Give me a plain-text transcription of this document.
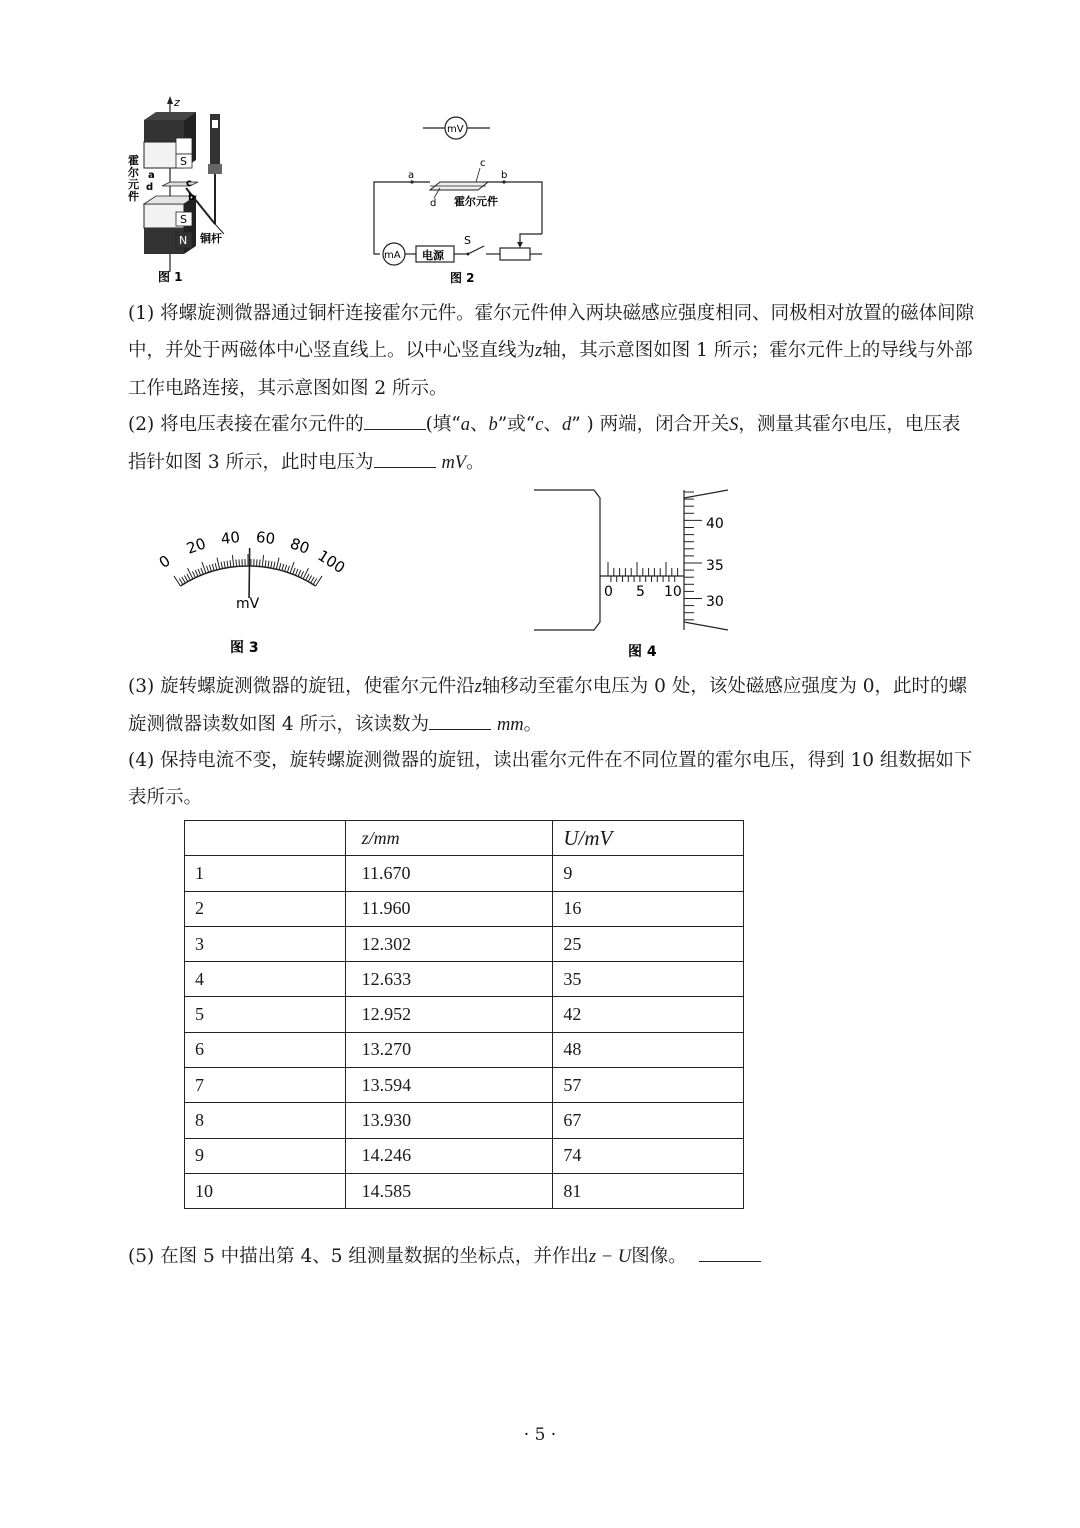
z
N
S
S
N
霍
尔
元
件
a
d	c
b
铜杆
图 1
mV
a	b
c
d 霍尔元件
mA 电源
S
图 2
(1) 将螺旋测微器通过铜杆连接霍尔元件。霍尔元件伸入两块磁感应强度相同、同极相对放置的磁体间隙中，并处于两磁体中心竖直线上。以中心竖直线为z轴，其示意图如图 1 所示；霍尔元件上的导线与外部工作电路连接，其示意图如图 2 所示。
(2) 将电压表接在霍尔元件的	(填“a、b”或“c、d” ) 两端，闭合开关S，测量其霍尔电压，电压表指针如图 3 所示，此时电压为	mV。
0
20 40 60 80
100
mV
图 3
0 5 10
40
35
30
图 4
(3) 旋转螺旋测微器的旋钮，使霍尔元件沿z轴移动至霍尔电压为 0 处，该处磁感应强度为 0，此时的螺旋测微器读数如图 4 所示，该读数为	mm。
(4) 保持电流不变，旋转螺旋测微器的旋钮，读出霍尔元件在不同位置的霍尔电压，得到 10 组数据如下表所示。
	z/mm	U/mV
1	11.670	9
2	11.960	16
3	12.302	25
4	12.633	35
5	12.952	42
6	13.270	48
7	13.594	57
8	13.930	67
9	14.246	74
10	14.585	81
(5) 在图 5 中描出第 4、5 组测量数据的坐标点，并作出z − U图像。
· 5 ·
